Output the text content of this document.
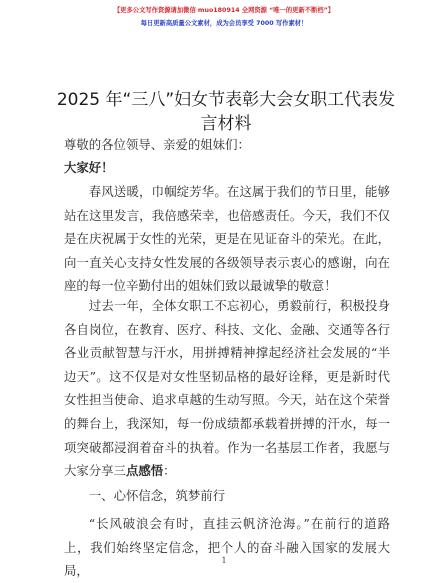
【更多公文写作资源请加微信 muo180914 全网资源 “唯一的更新不断档”】
每日更新高质量公文素材，成为会员享受 7000 写作素材！
2025 年“三八”妇女节表彰大会女职工代表发言材料
尊敬的各位领导、亲爱的姐妹们：
大家好！
春风送暖，巾帼绽芳华。在这属于我们的节日里，能够站在这里发言，我倍感荣幸，也倍感责任。今天，我们不仅是在庆祝属于女性的光荣，更是在见证奋斗的荣光。在此，向一直关心支持女性发展的各级领导表示衷心的感谢，向在座的每一位辛勤付出的姐妹们致以最诚挚的敬意！
过去一年，全体女职工不忘初心，勇毅前行，积极投身各自岗位，在教育、医疗、科技、文化、金融、交通等各行各业贡献智慧与汗水，用拼搏精神撑起经济社会发展的“半边天”。这不仅是对女性坚韧品格的最好诠释，更是新时代女性担当使命、追求卓越的生动写照。今天，站在这个荣誉的舞台上，我深知，每一份成绩都承载着拼搏的汗水，每一项突破都浸润着奋斗的执着。作为一名基层工作者，我愿与大家分享三点感悟：
一、心怀信念，筑梦前行
“长风破浪会有时，直挂云帆济沧海。”在前行的道路上，我们始终坚定信念，把个人的奋斗融入国家的发展大局，
1
